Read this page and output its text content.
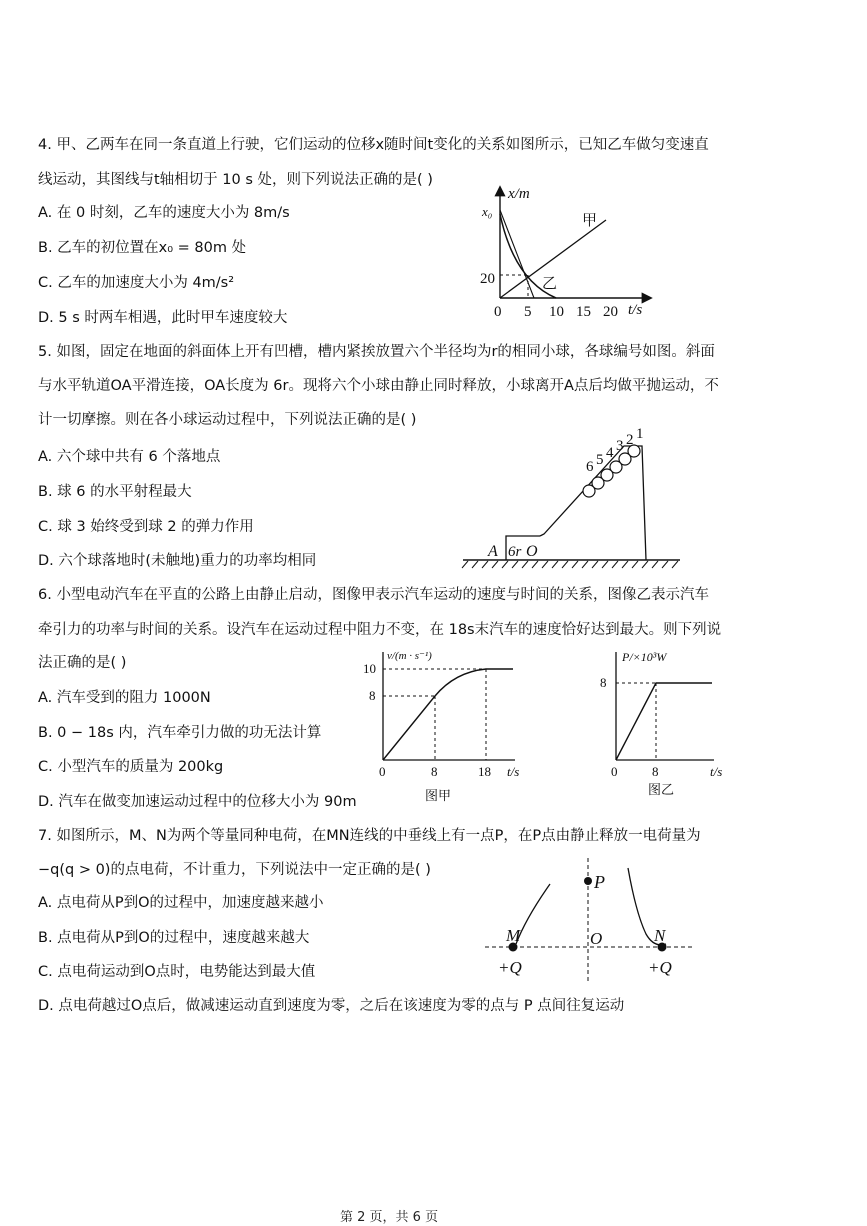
4. 甲、乙两车在同一条直道上行驶，它们运动的位移x随时间t变化的关系如图所示，已知乙车做匀变速直
线运动，其图线与t轴相切于 10 s 处，则下列说法正确的是( )
A. 在 0 时刻，乙车的速度大小为 8m/s
B. 乙车的初位置在x₀ = 80m 处
C. 乙车的加速度大小为 4m/s²
D. 5 s 时两车相遇，此时甲车速度较大
x/m
t/s
x₀
20
0 5 10 15 20
甲
乙
5. 如图，固定在地面的斜面体上开有凹槽，槽内紧挨放置六个半径均为r的相同小球，各球编号如图。斜面
与水平轨道OA平滑连接，OA长度为 6r。现将六个小球由静止同时释放，小球离开A点后均做平抛运动，不
计一切摩擦。则在各小球运动过程中，下列说法正确的是( )
A. 六个球中共有 6 个落地点
B. 球 6 的水平射程最大
C. 球 3 始终受到球 2 的弹力作用
D. 六个球落地时(未触地)重力的功率均相同
1
2
3
4
5
6
A 6r O
6. 小型电动汽车在平直的公路上由静止启动，图像甲表示汽车运动的速度与时间的关系，图像乙表示汽车
牵引力的功率与时间的关系。设汽车在运动过程中阻力不变，在 18s末汽车的速度恰好达到最大。则下列说
法正确的是( )
A. 汽车受到的阻力 1000N
B. 0 − 18s 内，汽车牵引力做的功无法计算
C. 小型汽车的质量为 200kg
D. 汽车在做变加速运动过程中的位移大小为 90m
v/(m · s⁻¹)
t/s
10
8
0	8	18
图甲
P/×10³W
t/s
8
0	8
图乙
7. 如图所示，M、N为两个等量同种电荷，在MN连线的中垂线上有一点P，在P点由静止释放一电荷量为
−q(q > 0)的点电荷，不计重力，下列说法中一定正确的是( )
A. 点电荷从P到O的过程中，加速度越来越小
B. 点电荷从P到O的过程中，速度越来越大
C. 点电荷运动到O点时，电势能达到最大值
D. 点电荷越过O点后，做减速运动直到速度为零，之后在该速度为零的点与 P 点间往复运动
P
O
M	N
+Q	+Q
第 2 页，共 6 页
